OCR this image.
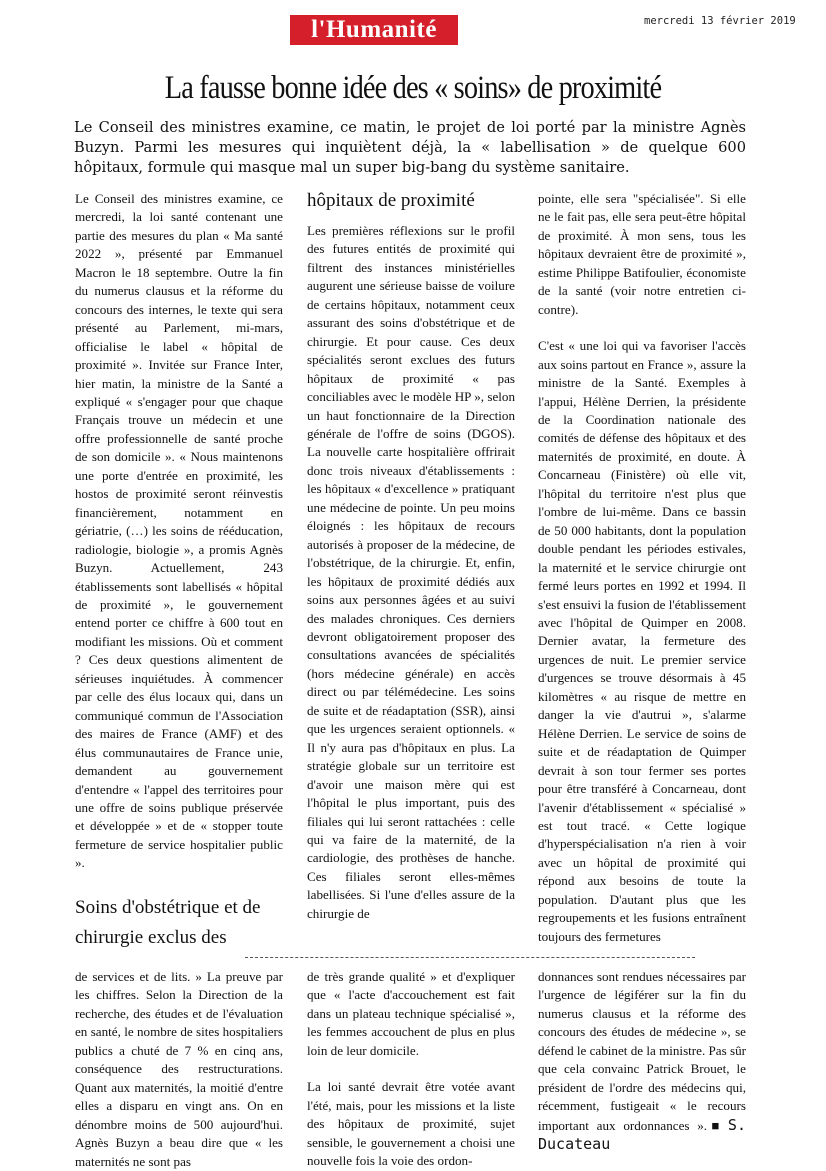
l'Humanité	mercredi 13 février 2019
La fausse bonne idée des « soins» de proximité
Le Conseil des ministres examine, ce matin, le projet de loi porté par la ministre Agnès Buzyn. Parmi les mesures qui inquiètent déjà, la « labellisation » de quelque 600 hôpitaux, formule qui masque mal un super big-bang du système sanitaire.

Le Conseil des ministres examine, ce mercredi, la loi santé contenant une partie des mesures du plan « Ma santé 2022 », présenté par Emmanuel Macron le 18 septembre. Outre la fin du numerus clausus et la réforme du concours des internes, le texte qui sera présenté au Parlement, mi-mars, officialise le label « hôpital de proximité ». Invitée sur France Inter, hier matin, la ministre de la Santé a expliqué « s'engager pour que chaque Français trouve un médecin et une offre professionnelle de santé proche de son domicile ». « Nous maintenons une porte d'entrée en proximité, les hostos de proximité seront réinvestis financièrement, notamment en gériatrie, (…) les soins de rééducation, radiologie, biologie », a promis Agnès Buzyn. Actuellement, 243 établissements sont labellisés « hôpital de proximité », le gouvernement entend porter ce chiffre à 600 tout en modifiant les missions. Où et comment ? Ces deux questions alimentent de sérieuses inquiétudes. À commencer par celle des élus locaux qui, dans un communiqué commun de l'Association des maires de France (AMF) et des élus communautaires de France unie, demandent au gouvernement d'entendre « l'appel des territoires pour une offre de soins publique préservée et développée » et de « stopper toute fermeture de service hospitalier public ».

Soins d'obstétrique et de chirurgie exclus des
hôpitaux de proximité

Les premières réflexions sur le profil des futures entités de proximité qui filtrent des instances ministérielles augurent une sérieuse baisse de voilure de certains hôpitaux, notamment ceux assurant des soins d'obstétrique et de chirurgie. Et pour cause. Ces deux spécialités seront exclues des futurs hôpitaux de proximité « pas conciliables avec le modèle HP », selon un haut fonctionnaire de la Direction générale de l'offre de soins (DGOS). La nouvelle carte hospitalière offrirait donc trois niveaux d'établissements : les hôpitaux « d'excellence » pratiquant une médecine de pointe. Un peu moins éloignés : les hôpitaux de recours autorisés à proposer de la médecine, de l'obstétrique, de la chirurgie. Et, enfin, les hôpitaux de proximité dédiés aux soins aux personnes âgées et au suivi des malades chroniques. Ces derniers devront obligatoirement proposer des consultations avancées de spécialités (hors médecine générale) en accès direct ou par télémédecine. Les soins de suite et de réadaptation (SSR), ainsi que les urgences seraient optionnels. « Il n'y aura pas d'hôpitaux en plus. La stratégie globale sur un territoire est d'avoir une maison mère qui est l'hôpital le plus important, puis des filiales qui lui seront rattachées : celle qui va faire de la maternité, de la cardiologie, des prothèses de hanche. Ces filiales seront elles-mêmes labellisées. Si l'une d'elles assure de la chirurgie de

pointe, elle sera "spécialisée". Si elle ne le fait pas, elle sera peut-être hôpital de proximité. À mon sens, tous les hôpitaux devraient être de proximité », estime Philippe Batifoulier, économiste de la santé (voir notre entretien ci-contre).

C'est « une loi qui va favoriser l'accès aux soins partout en France », assure la ministre de la Santé. Exemples à l'appui, Hélène Derrien, la présidente de la Coordination nationale des comités de défense des hôpitaux et des maternités de proximité, en doute. À Concarneau (Finistère) où elle vit, l'hôpital du territoire n'est plus que l'ombre de lui-même. Dans ce bassin de 50 000 habitants, dont la population double pendant les périodes estivales, la maternité et le service chirurgie ont fermé leurs portes en 1992 et 1994. Il s'est ensuivi la fusion de l'établissement avec l'hôpital de Quimper en 2008. Dernier avatar, la fermeture des urgences de nuit. Le premier service d'urgences se trouve désormais à 45 kilomètres « au risque de mettre en danger la vie d'autrui », s'alarme Hélène Derrien. Le service de soins de suite et de réadaptation de Quimper devrait à son tour fermer ses portes pour être transféré à Concarneau, dont l'avenir d'établissement « spécialisé » est tout tracé. « Cette logique d'hyperspécialisation n'a rien à voir avec un hôpital de proximité qui répond aux besoins de toute la population. D'autant plus que les regroupements et les fusions entraînent toujours des fermetures

de services et de lits. » La preuve par les chiffres. Selon la Direction de la recherche, des études et de l'évaluation en santé, le nombre de sites hospitaliers publics a chuté de 7 % en cinq ans, conséquence des restructurations. Quant aux maternités, la moitié d'entre elles a disparu en vingt ans. On en dénombre moins de 500 aujourd'hui. Agnès Buzyn a beau dire que « les maternités ne sont pas

de très grande qualité » et d'expliquer que « l'acte d'accouchement est fait dans un plateau technique spécialisé », les femmes accouchent de plus en plus loin de leur domicile.

La loi santé devrait être votée avant l'été, mais, pour les missions et la liste des hôpitaux de proximité, sujet sensible, le gouvernement a choisi une nouvelle fois la voie des ordon-

donnances sont rendues nécessaires par l'urgence de légiférer sur la fin du numerus clausus et la réforme des concours des études de médecine », se défend le cabinet de la ministre. Pas sûr que cela convainc Patrick Brouet, le président de l'ordre des médecins qui, récemment, fustigeait « le recours important aux ordonnances ».■ S. Ducateau
